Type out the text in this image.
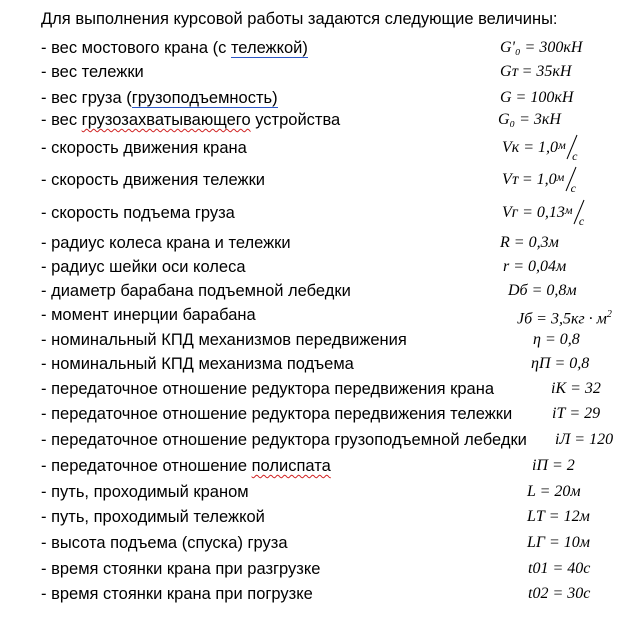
Для выполнения курсовой работы задаются следующие величины:
- вес мостового крана (с тележкой)	G'₀ = 300кН
- вес тележки	Gᴛ = 35кН
- вес груза (грузоподъемность)	G = 100кН
- вес грузозахватывающего устройства	G₀ = 3кН
- скорость движения крана	Vк = 1,0 м
с
- скорость движения тележки	Vᴛ = 1,0 м
с
- скорость подъема груза	Vᴦ = 0,13 м
с
- радиус колеса крана и тележки	R = 0,3м
- радиус шейки оси колеса	r = 0,04м
- диаметр барабана подъемной лебедки	Dб = 0,8м
- момент инерции барабана	Jб = $3,5кг \cdot м^2$
- номинальный КПД механизмов передвижения	η = 0,8
- номинальный КПД механизма подъема	ηП = 0,8
- передаточное отношение редуктора передвижения крана	iК = 32
- передаточное отношение редуктора передвижения тележки iТ = 29
- передаточное отношение редуктора грузоподъемной лебедки iЛ = 120
- передаточное отношение полиспата	iП = 2
- путь, проходимый краном	L = 20м
- путь, проходимый тележкой	LТ = 12м
- высота подъема (спуска) груза	LГ = 10м
- время стоянки крана при разгрузке	t01 = 40с
- время стоянки крана при погрузке	t02 = 30с
